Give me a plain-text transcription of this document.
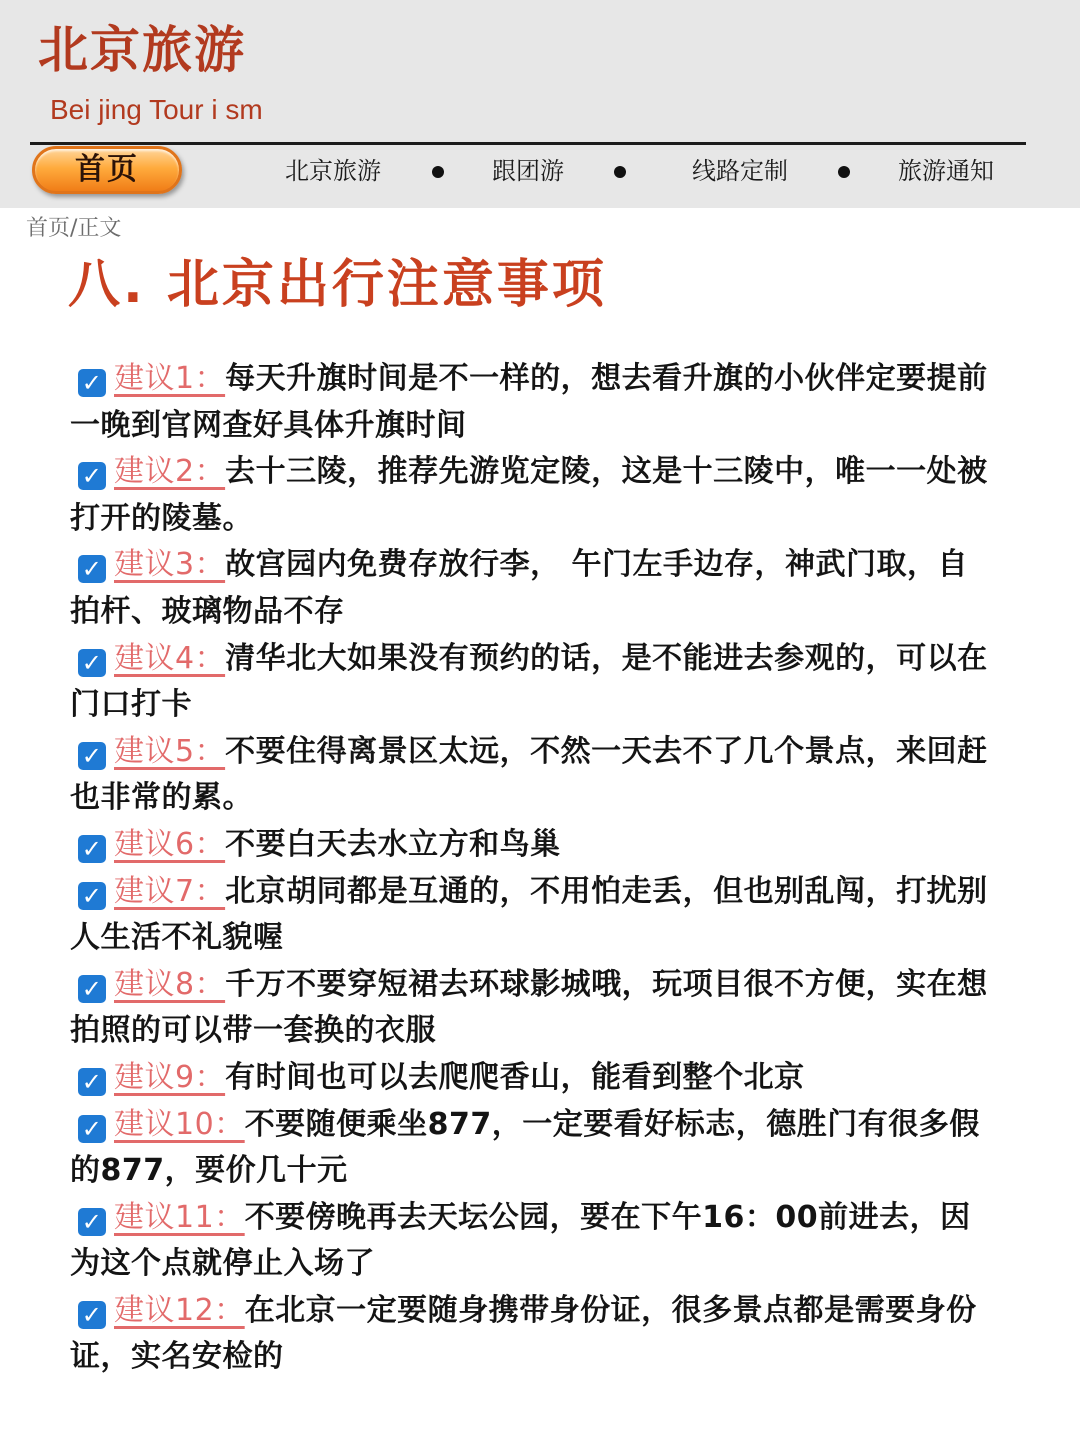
北京旅游
Bei jing Tour i sm
首页	北京旅游	跟团游	线路定制	旅游通知
首页/正文
八. 北京出行注意事项
✓ 建议1：每天升旗时间是不一样的，想去看升旗的小伙伴定要提前一晚到官网查好具体升旗时间
✓ 建议2：去十三陵，推荐先游览定陵，这是十三陵中，唯一一处被打开的陵墓。
✓ 建议3：故宫园内免费存放行李， 午门左手边存，神武门取，自拍杆、玻璃物品不存
✓ 建议4：清华北大如果没有预约的话，是不能进去参观的，可以在门口打卡
✓ 建议5：不要住得离景区太远，不然一天去不了几个景点，来回赶也非常的累。
✓ 建议6：不要白天去水立方和鸟巢
✓ 建议7：北京胡同都是互通的，不用怕走丢，但也别乱闯，打扰别人生活不礼貌喔
✓ 建议8：千万不要穿短裙去环球影城哦，玩项目很不方便，实在想拍照的可以带一套换的衣服
✓ 建议9：有时间也可以去爬爬香山，能看到整个北京
✓ 建议10：不要随便乘坐877，一定要看好标志，德胜门有很多假的877，要价几十元
✓ 建议11：不要傍晚再去天坛公园，要在下午16：00前进去，因为这个点就停止入场了
✓ 建议12：在北京一定要随身携带身份证，很多景点都是需要身份证，实名安检的
